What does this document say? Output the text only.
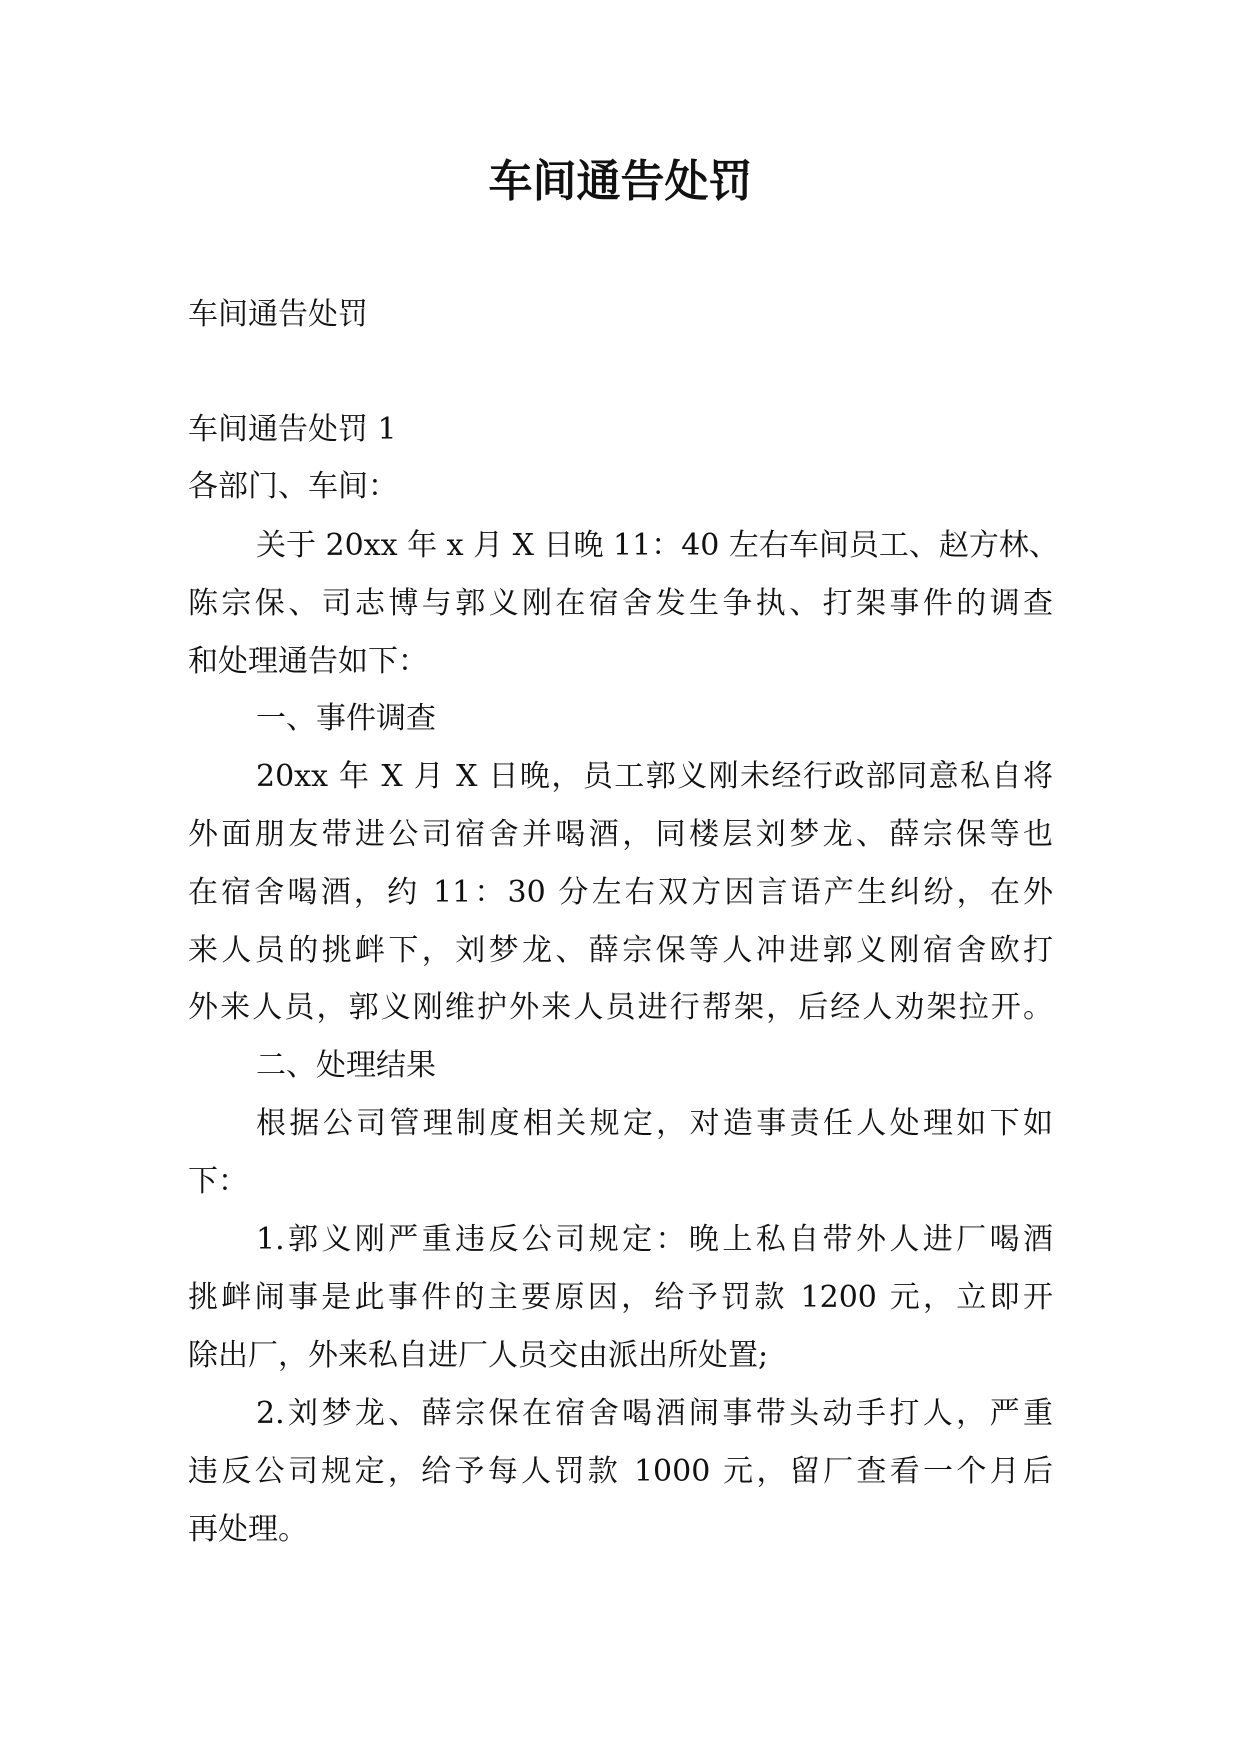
车间通告处罚
车间通告处罚
车间通告处罚 1
各部门、车间：
关于 20xx 年 x 月 X 日晚 11：40 左右车间员工、赵方林、
陈宗保、司志博与郭义刚在宿舍发生争执、打架事件的调查
和处理通告如下：
一、事件调查
20xx 年 X 月 X 日晚，员工郭义刚未经行政部同意私自将
外面朋友带进公司宿舍并喝酒，同楼层刘梦龙、薛宗保等也
在宿舍喝酒，约 11：30 分左右双方因言语产生纠纷，在外
来人员的挑衅下，刘梦龙、薛宗保等人冲进郭义刚宿舍欧打
外来人员，郭义刚维护外来人员进行帮架，后经人劝架拉开。
二、处理结果
根据公司管理制度相关规定，对造事责任人处理如下如
下：
1.郭义刚严重违反公司规定：晚上私自带外人进厂喝酒
挑衅闹事是此事件的主要原因，给予罚款 1200 元，立即开
除出厂，外来私自进厂人员交由派出所处置;
2.刘梦龙、薛宗保在宿舍喝酒闹事带头动手打人，严重
违反公司规定，给予每人罚款 1000 元，留厂查看一个月后
再处理。
